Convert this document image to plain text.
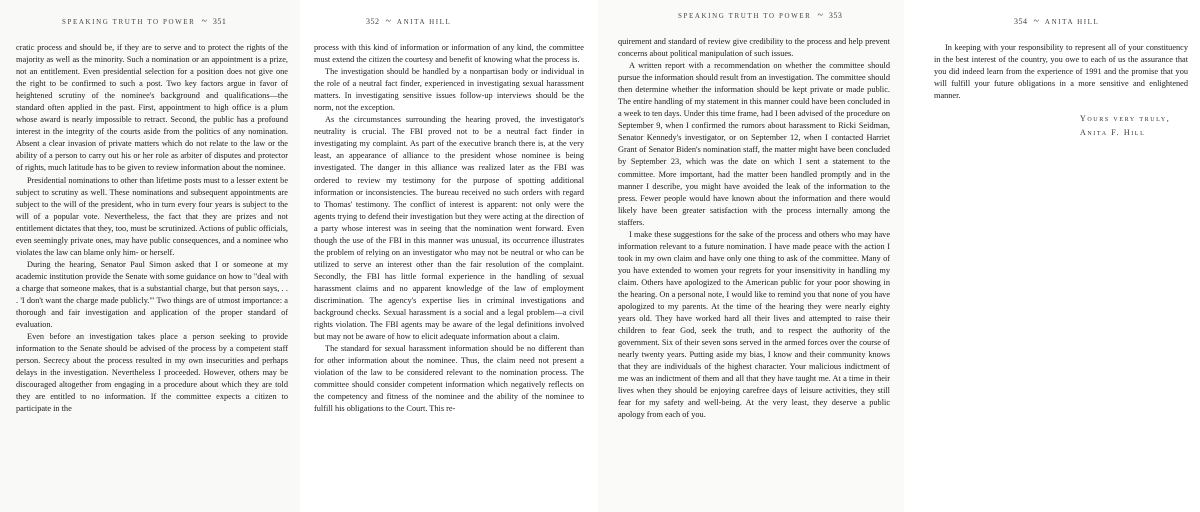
SPEAKING TRUTH TO POWER ~ 351

cratic process and should be, if they are to serve and to protect the rights of the majority as well as the minority. Such a nomination or an appointment is a prize, not an entitlement. Even presidential selection for a position does not give one the right to be confirmed to such a post. Two key factors argue in favor of heightened scrutiny of the nominee's background and qualifications—the standard often applied in the past. First, appointment to high office is a plum whose award is nearly impossible to retract. Second, the public has a profound interest in the integrity of the courts aside from the politics of any nomination. Absent a clear invasion of private matters which do not relate to the law or the ability of a person to carry out his or her role as arbiter of disputes and protector of rights, much latitude has to be given to review information about the nominee.

Presidential nominations to other than lifetime posts must to a lesser extent be subject to scrutiny as well. These nominations and subsequent appointments are subject to the will of the president, who in turn every four years is subject to the will of a popular vote. Nevertheless, the fact that they are prizes and not entitlement dictates that they, too, must be scrutinized. Actions of public officials, even seemingly private ones, may have public consequences, and a nominee who violates the law can blame only him- or herself.

During the hearing, Senator Paul Simon asked that I or someone at my academic institution provide the Senate with some guidance on how to "deal with a charge that someone makes, that is a substantial charge, but that person says, . . . 'I don't want the charge made publicly.'" Two things are of utmost importance: a thorough and fair investigation and application of the proper standard of evaluation.

Even before an investigation takes place a person seeking to provide information to the Senate should be advised of the process by a competent staff person. Secrecy about the process resulted in my own insecurities and perhaps delays in the investigation. Nevertheless I proceeded. However, others may be discouraged altogether from engaging in a procedure about which they are told they are entitled to no information. If the committee expects a citizen to participate in the

352 ~ ANITA HILL

process with this kind of information or information of any kind, the committee must extend the citizen the courtesy and benefit of knowing what the process is.

The investigation should be handled by a nonpartisan body or individual in the role of a neutral fact finder, experienced in investigating sexual harassment matters. In investigating sensitive issues follow-up interviews should be the norm, not the exception.

As the circumstances surrounding the hearing proved, the investigator's neutrality is crucial. The FBI proved not to be a neutral fact finder in investigating my complaint. As part of the executive branch there is, at the very least, an appearance of alliance to the president whose nominee is being investigated. The danger in this alliance was realized later as the FBI was ordered to review my testimony for the purpose of spotting additional information or inconsistencies. The bureau received no such orders with regard to Thomas' testimony. The conflict of interest is apparent: not only were the agents trying to defend their investigation but they were acting at the direction of a party whose interest was in seeing that the nomination went forward. Even though the use of the FBI in this manner was unusual, its occurrence illustrates the problem of relying on an investigator who may not be neutral or who can be utilized to serve an interest other than the fair resolution of the complaint. Secondly, the FBI has little formal experience in the handling of sexual harassment claims and no apparent knowledge of the law of employment discrimination. The agency's expertise lies in criminal investigations and background checks. Sexual harassment is a social and a legal problem—a civil rights violation. The FBI agents may be aware of the legal definitions involved but may not be aware of how to elicit adequate information about a claim.

The standard for sexual harassment information should be no different than for other information about the nominee. Thus, the claim need not present a violation of the law to be considered relevant to the nomination process. The committee should consider competent information which negatively reflects on the competency and fitness of the nominee and the ability of the nominee to fulfill his obligations to the Court. This re-

SPEAKING TRUTH TO POWER ~ 353

quirement and standard of review give credibility to the process and help prevent concerns about political manipulation of such issues.

A written report with a recommendation on whether the committee should pursue the information should result from an investigation. The committee should then determine whether the information should be kept private or made public. The entire handling of my statement in this manner could have been concluded in a week to ten days. Under this time frame, had I been advised of the procedure on September 9, when I confirmed the rumors about harassment to Ricki Seidman, Senator Kennedy's investigator, or on September 12, when I contacted Harriet Grant of Senator Biden's nomination staff, the matter might have been concluded by September 23, which was the date on which I sent a statement to the committee. More important, had the matter been handled promptly and in the manner I describe, you might have avoided the leak of the information to the press. Fewer people would have known about the information and there would likely have been greater satisfaction with the process internally among the staffers.

I make these suggestions for the sake of the process and others who may have information relevant to a future nomination. I have made peace with the action I took in my own claim and have only one thing to ask of the committee. Many of you have extended to women your regrets for your insensitivity in handling my claim. Others have apologized to the American public for your poor showing in the hearing. On a personal note, I would like to remind you that none of you have apologized to my parents. At the time of the hearing they were nearly eighty years old. They have worked hard all their lives and attempted to raise their children to fear God, seek the truth, and to respect the authority of the government. Six of their seven sons served in the armed forces over the course of nearly twenty years. Putting aside my bias, I know and their community knows that they are individuals of the highest character. Your malicious indictment of me was an indictment of them and all that they have taught me. At a time in their lives when they should be enjoying carefree days of leisure activities, they still fear for my safety and well-being. At the very least, they deserve a public apology from each of you.

354 ~ ANITA HILL

In keeping with your responsibility to represent all of your constituency in the best interest of the country, you owe to each of us the assurance that you did indeed learn from the experience of 1991 and the promise that you will fulfill your future obligations in a more sensitive and enlightened manner.

Yours very truly,
Anita F. Hill
